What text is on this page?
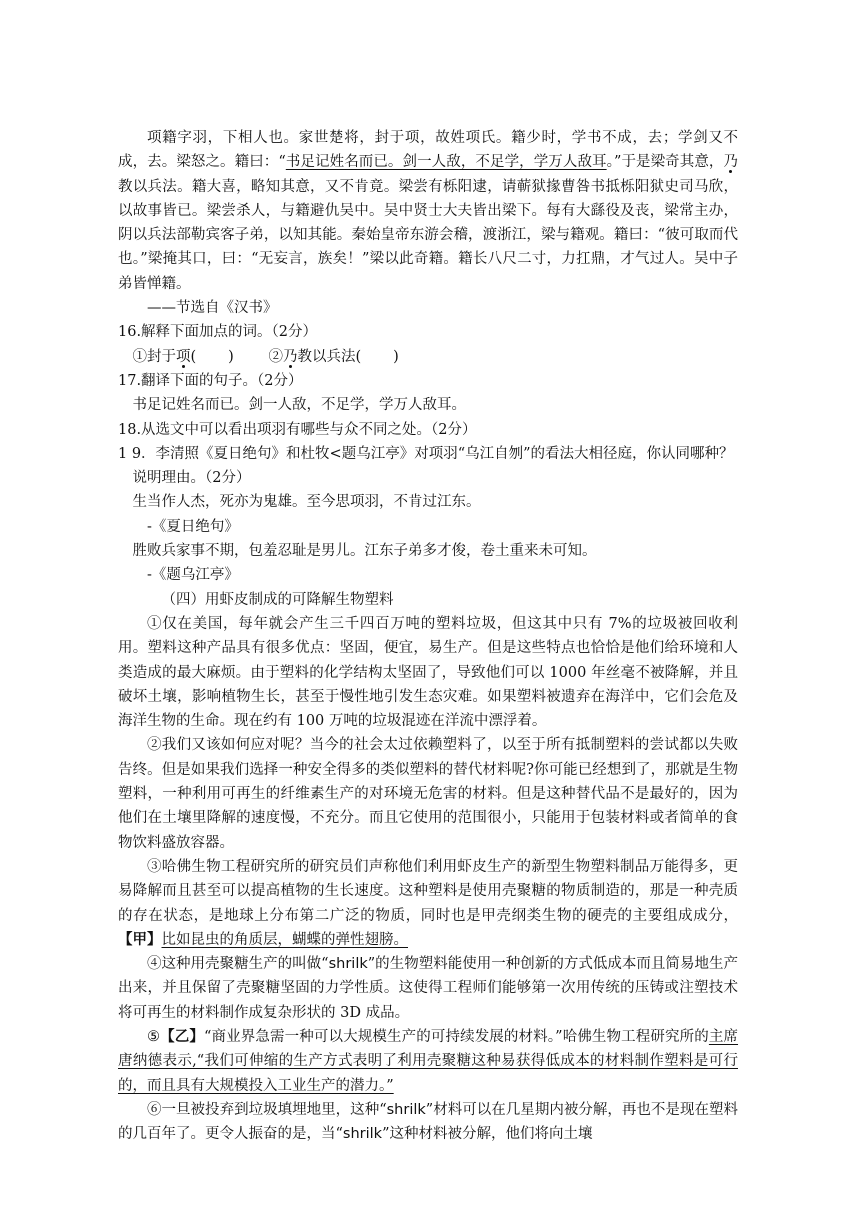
项籍字羽，下相人也。家世楚将，封于项，故姓项氏。籍少时，学书不成，去；学剑又不成，去。梁怒之。籍曰：“书足记姓名而已。剑一人敌，不足学，学万人敌耳。”于是梁奇其意，乃教以兵法。籍大喜，略知其意，又不肯竟。梁尝有栎阳逮，请蕲狱掾曹咎书抵栎阳狱史司马欣，以故事皆已。梁尝杀人，与籍避仇吴中。吴中贤士大夫皆出梁下。每有大繇役及丧，梁常主办，阴以兵法部勒宾客子弟，以知其能。秦始皇帝东游会稽，渡浙江，梁与籍观。籍曰：“彼可取而代也。”梁掩其口，曰：“无妄言，族矣！”梁以此奇籍。籍长八尺二寸，力扛鼎，才气过人。吴中子弟皆惮籍。

——节选自《汉书》

16.解释下面加点的词。（2分）

①封于项( ) ②乃教以兵法( )

17.翻译下面的句子。（2分）

书足记姓名而已。剑一人敌，不足学，学万人敌耳。

18.从选文中可以看出项羽有哪些与众不同之处。（2分）

1 9．李清照《夏日绝句》和杜牧<题乌江亭》对项羽“乌江自刎”的看法大相径庭，你认同哪种？

说明理由。（2分）

生当作人杰，死亦为鬼雄。至今思项羽，不肯过江东。

-《夏日绝句》

胜败兵家事不期，包羞忍耻是男儿。江东子弟多才俊，卷土重来未可知。

-《题乌江亭》

（四）用虾皮制成的可降解生物塑料

①仅在美国，每年就会产生三千四百万吨的塑料垃圾，但这其中只有 7%的垃圾被回收利用。塑料这种产品具有很多优点：坚固，便宜，易生产。但是这些特点也恰恰是他们给环境和人类造成的最大麻烦。由于塑料的化学结构太坚固了，导致他们可以 1000 年丝毫不被降解，并且破坏土壤，影响植物生长，甚至于慢性地引发生态灾难。如果塑料被遗弃在海洋中，它们会危及海洋生物的生命。现在约有 100 万吨的垃圾混迹在洋流中漂浮着。

②我们又该如何应对呢？当今的社会太过依赖塑料了，以至于所有抵制塑料的尝试都以失败告终。但是如果我们选择一种安全得多的类似塑料的替代材料呢?你可能已经想到了，那就是生物塑料，一种利用可再生的纤维素生产的对环境无危害的材料。但是这种替代品不是最好的，因为他们在土壤里降解的速度慢，不充分。而且它使用的范围很小，只能用于包装材料或者简单的食物饮料盛放容器。

③哈佛生物工程研究所的研究员们声称他们利用虾皮生产的新型生物塑料制品万能得多，更易降解而且甚至可以提高植物的生长速度。这种塑料是使用壳聚糖的物质制造的，那是一种壳质的存在状态，是地球上分布第二广泛的物质，同时也是甲壳纲类生物的硬壳的主要组成成分，【甲】比如昆虫的角质层，蝴蝶的弹性翅膀。

④这种用壳聚糖生产的叫做“shrilk”的生物塑料能使用一种创新的方式低成本而且简易地生产出来，并且保留了壳聚糖坚固的力学性质。这使得工程师们能够第一次用传统的压铸或注塑技术将可再生的材料制作成复杂形状的 3D 成品。

⑤【乙】“商业界急需一种可以大规模生产的可持续发展的材料。”哈佛生物工程研究所的主席唐纳德表示,“我们可伸缩的生产方式表明了利用壳聚糖这种易获得低成本的材料制作塑料是可行的，而且具有大规模投入工业生产的潜力。”

⑥一旦被投弃到垃圾填埋地里，这种“shrilk”材料可以在几星期内被分解，再也不是现在塑料的几百年了。更令人振奋的是，当“shrilk”这种材料被分解，他们将向土壤
